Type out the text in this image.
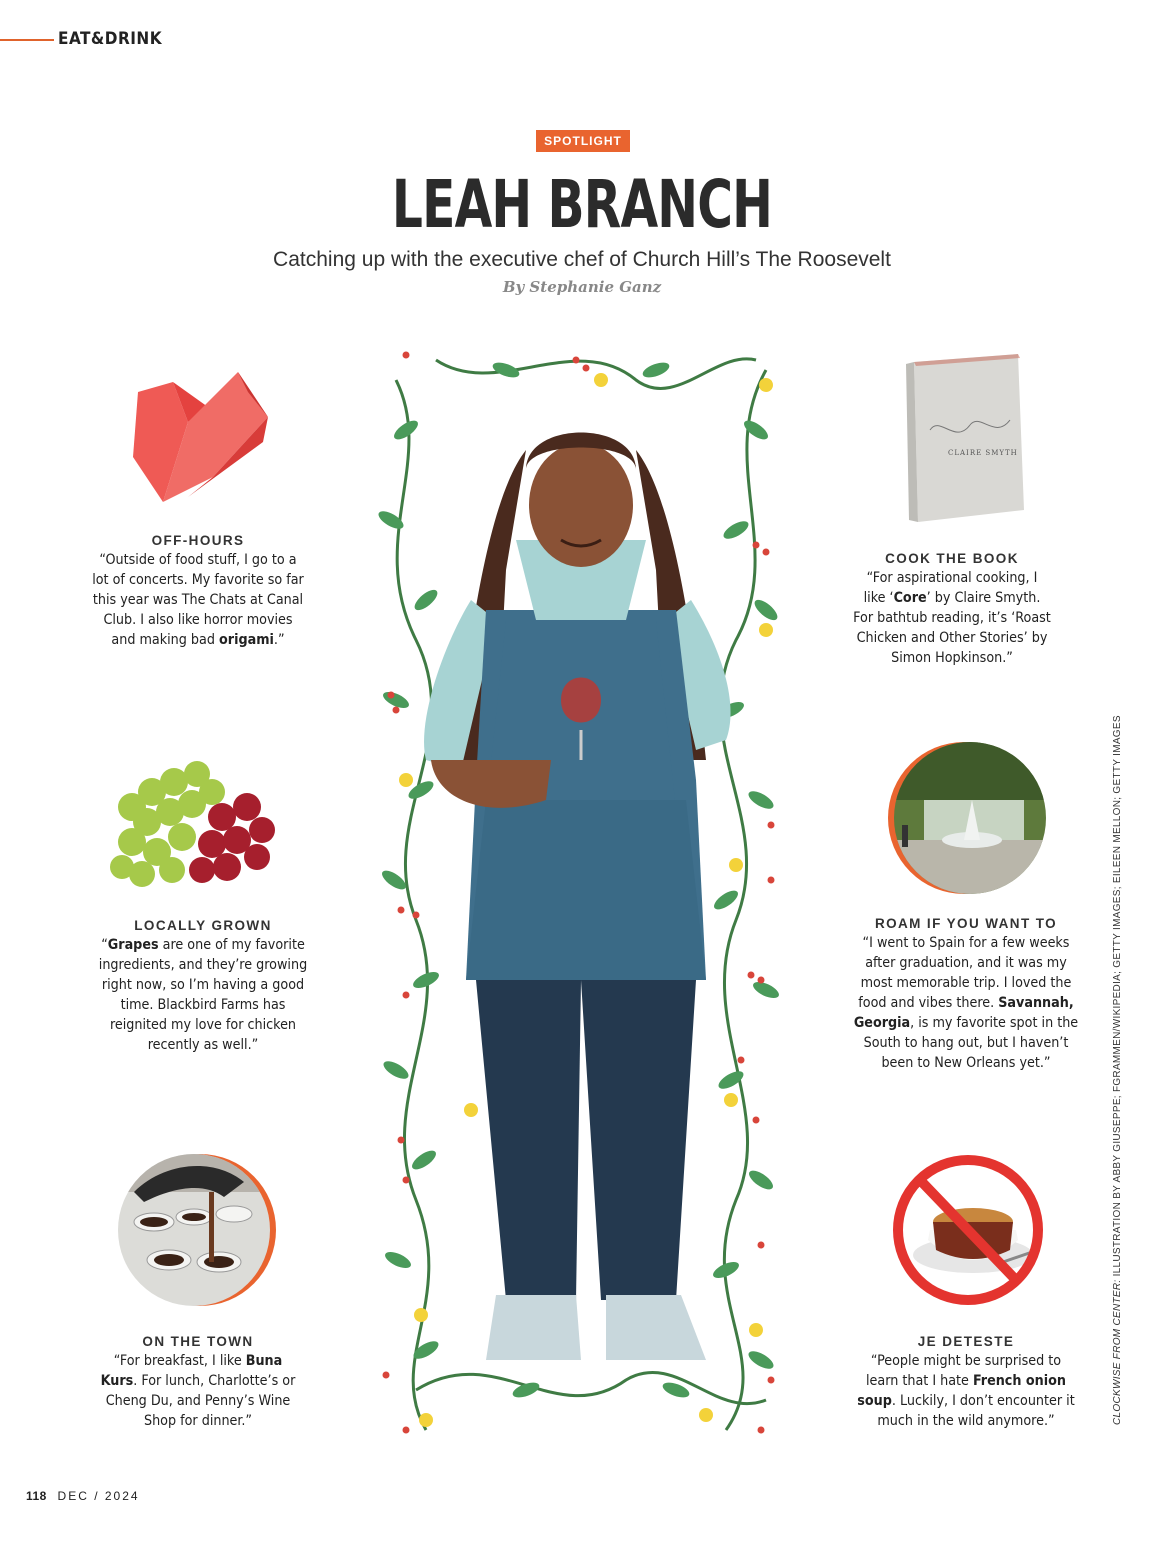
EAT&DRINK
SPOTLIGHT
LEAH BRANCH
Catching up with the executive chef of Church Hill’s The Roosevelt
By Stephanie Ganz
OFF-HOURS
“Outside of food stuff, I go to a
lot of concerts. My favorite so far
this year was The Chats at Canal
Club. I also like horror movies
and making bad origami.”
LOCALLY GROWN
“Grapes are one of my favorite
ingredients, and they’re growing
right now, so I’m having a good
time. Blackbird Farms has
reignited my love for chicken
recently as well.”
ON THE TOWN
“For breakfast, I like Buna
Kurs. For lunch, Charlotte’s or
Cheng Du, and Penny’s Wine
Shop for dinner.”
CLAIRE SMYTH
COOK THE BOOK
“For aspirational cooking, I
like ‘Core’ by Claire Smyth.
For bathtub reading, it’s ‘Roast
Chicken and Other Stories’ by
Simon Hopkinson.”
ROAM IF YOU WANT TO
“I went to Spain for a few weeks
after graduation, and it was my
most memorable trip. I loved the
food and vibes there. Savannah,
Georgia, is my favorite spot in the
South to hang out, but I haven’t
been to New Orleans yet.”
JE DETESTE
“People might be surprised to
learn that I hate French onion
soup. Luckily, I don’t encounter it
much in the wild anymore.”	CLOCKWISE FROM CENTER: ILLUSTRATION BY ABBY GIUSEPPE; FGRAMMEN/WIKIPEDIA; GETTY IMAGES; EILEEN MELLON; GETTY IMAGES
118 DEC / 2024
